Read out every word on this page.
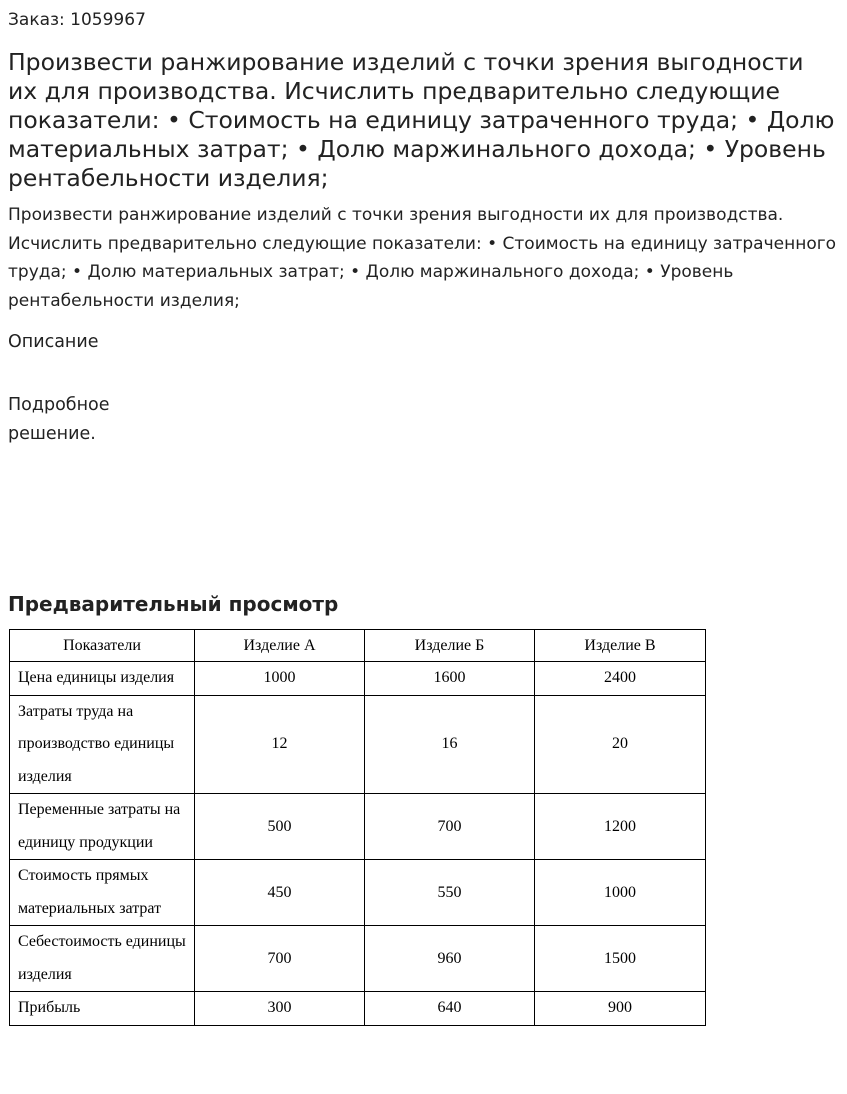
Заказ: 1059967
Произвести ранжирование изделий с точки зрения выгодности их для производства. Исчислить предварительно следующие показатели: • Стоимость на единицу затраченного труда; • Долю материальных затрат; • Долю маржинального дохода; • Уровень рентабельности изделия;

Произвести ранжирование изделий с точки зрения выгодности их для производства. Исчислить предварительно следующие показатели: • Стоимость на единицу затраченного труда; • Долю материальных затрат; • Долю маржинального дохода; • Уровень рентабельности изделия;

Описание

Подробное решение.

Предварительный просмотр
Показатели	Изделие А	Изделие Б	Изделие В
Цена единицы изделия	1000	1600	2400
Затраты труда на производство единицы изделия	12	16	20
Переменные затраты на единицу продукции	500	700	1200
Стоимость прямых материальных затрат	450	550	1000
Себестоимость единицы изделия	700	960	1500
Прибыль	300	640	900
